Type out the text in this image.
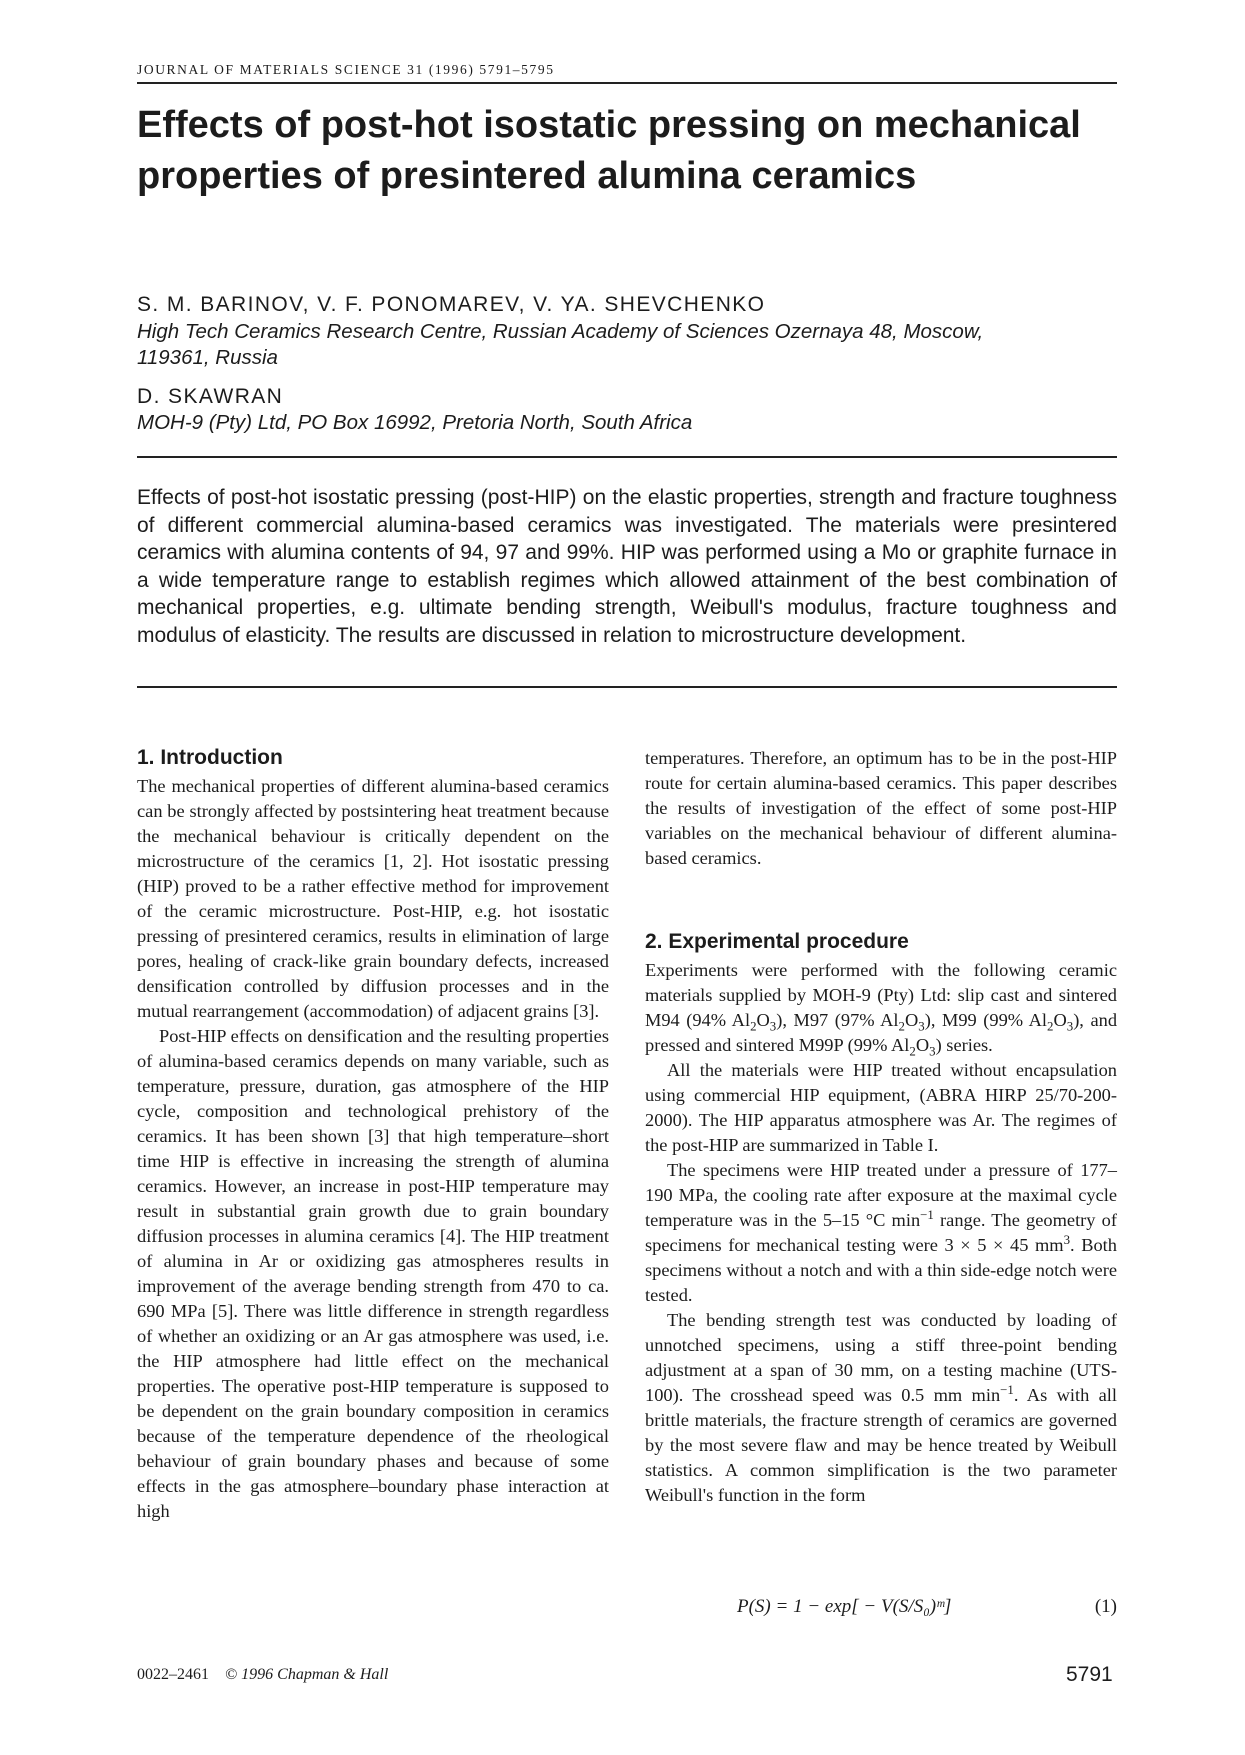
JOURNAL OF MATERIALS SCIENCE 31 (1996) 5791–5795
Effects of post-hot isostatic pressing on mechanical properties of presintered alumina ceramics
S. M. BARINOV, V. F. PONOMAREV, V. YA. SHEVCHENKO
High Tech Ceramics Research Centre, Russian Academy of Sciences Ozernaya 48, Moscow, 119361, Russia
D. SKAWRAN
MOH-9 (Pty) Ltd, PO Box 16992, Pretoria North, South Africa

Effects of post-hot isostatic pressing (post-HIP) on the elastic properties, strength and fracture toughness of different commercial alumina-based ceramics was investigated. The materials were presintered ceramics with alumina contents of 94, 97 and 99%. HIP was performed using a Mo or graphite furnace in a wide temperature range to establish regimes which allowed attainment of the best combination of mechanical properties, e.g. ultimate bending strength, Weibull's modulus, fracture toughness and modulus of elasticity. The results are discussed in relation to microstructure development.

1. Introduction

The mechanical properties of different alumina-based ceramics can be strongly affected by postsintering heat treatment because the mechanical behaviour is critically dependent on the microstructure of the ceramics [1, 2]. Hot isostatic pressing (HIP) proved to be a rather effective method for improvement of the ceramic microstructure. Post-HIP, e.g. hot isostatic pressing of presintered ceramics, results in elimination of large pores, healing of crack-like grain boundary defects, increased densification controlled by diffusion processes and in the mutual rearrangement (accommodation) of adjacent grains [3].

Post-HIP effects on densification and the resulting properties of alumina-based ceramics depends on many variable, such as temperature, pressure, duration, gas atmosphere of the HIP cycle, composition and technological prehistory of the ceramics. It has been shown [3] that high temperature–short time HIP is effective in increasing the strength of alumina ceramics. However, an increase in post-HIP temperature may result in substantial grain growth due to grain boundary diffusion processes in alumina ceramics [4]. The HIP treatment of alumina in Ar or oxidizing gas atmospheres results in improvement of the average bending strength from 470 to ca. 690 MPa [5]. There was little difference in strength regardless of whether an oxidizing or an Ar gas atmosphere was used, i.e. the HIP atmosphere had little effect on the mechanical properties. The operative post-HIP temperature is supposed to be dependent on the grain boundary composition in ceramics because of the temperature dependence of the rheological behaviour of grain boundary phases and because of some effects in the gas atmosphere–boundary phase interaction at high

temperatures. Therefore, an optimum has to be in the post-HIP route for certain alumina-based ceramics. This paper describes the results of investigation of the effect of some post-HIP variables on the mechanical behaviour of different alumina-based ceramics.

2. Experimental procedure

Experiments were performed with the following ceramic materials supplied by MOH-9 (Pty) Ltd: slip cast and sintered M94 (94% $Al_2O_3$), M97 (97% $Al_2O_3$), M99 (99% $Al_2O_3$), and pressed and sintered M99P (99% $Al_2O_3$) series.

All the materials were HIP treated without encapsulation using commercial HIP equipment, (ABRA HIRP 25/70-200-2000). The HIP apparatus atmosphere was Ar. The regimes of the post-HIP are summarized in Table I.

The specimens were HIP treated under a pressure of 177–190 MPa, the cooling rate after exposure at the maximal cycle temperature was in the 5–15 °C $\min^{-1}$ range. The geometry of specimens for mechanical testing were 3 × 5 × 45 $mm^3$. Both specimens without a notch and with a thin side-edge notch were tested.

The bending strength test was conducted by loading of unnotched specimens, using a stiff three-point bending adjustment at a span of 30 mm, on a testing machine (UTS-100). The crosshead speed was 0.5 mm $\min^{-1}$. As with all brittle materials, the fracture strength of ceramics are governed by the most severe flaw and may be hence treated by Weibull statistics. A common simplification is the two parameter Weibull's function in the form

P(S) = 1 − exp[ − V(S/S₀)ᵐ]	(1)
0022–2461 © 1996 Chapman & Hall	5791
